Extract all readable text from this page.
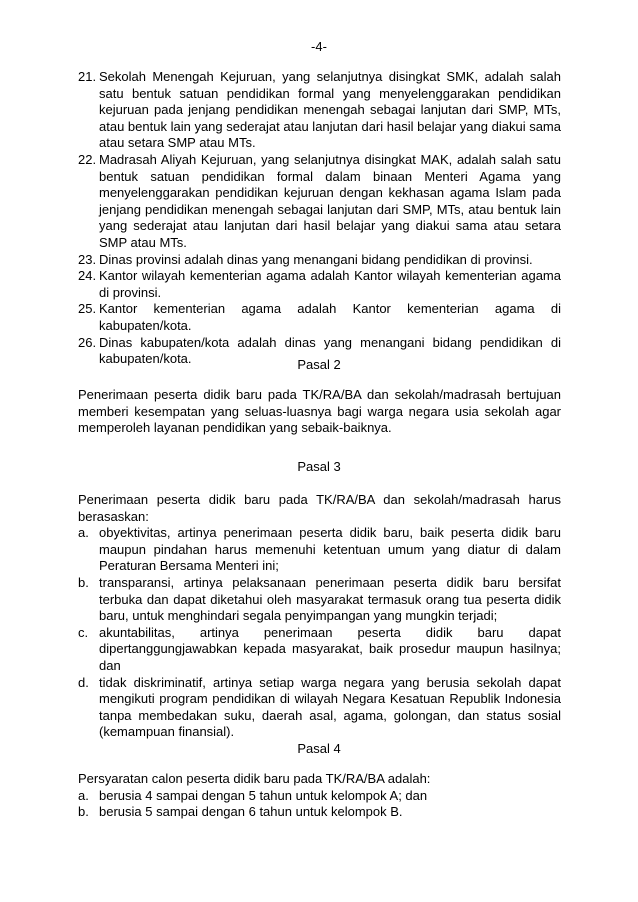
-4-
21. Sekolah Menengah Kejuruan, yang selanjutnya disingkat SMK, adalah salah satu bentuk satuan pendidikan formal yang menyelenggarakan pendidikan kejuruan pada jenjang pendidikan menengah sebagai lanjutan dari SMP, MTs, atau bentuk lain yang sederajat atau lanjutan dari hasil belajar yang diakui sama atau setara SMP atau MTs.
22. Madrasah Aliyah Kejuruan, yang selanjutnya disingkat MAK, adalah salah satu bentuk satuan pendidikan formal dalam binaan Menteri Agama yang menyelenggarakan pendidikan kejuruan dengan kekhasan agama Islam pada jenjang pendidikan menengah sebagai lanjutan dari SMP, MTs, atau bentuk lain yang sederajat atau lanjutan dari hasil belajar yang diakui sama atau setara SMP atau MTs.
23. Dinas provinsi adalah dinas yang menangani bidang pendidikan di provinsi.
24. Kantor wilayah kementerian agama adalah Kantor wilayah kementerian agama di provinsi.
25. Kantor kementerian agama adalah Kantor kementerian agama di
kabupaten/kota.
26. Dinas kabupaten/kota adalah dinas yang menangani bidang pendidikan di kabupaten/kota.	Pasal 2
Penerimaan peserta didik baru pada TK/RA/BA dan sekolah/madrasah bertujuan memberi kesempatan yang seluas-luasnya bagi warga negara usia sekolah agar memperoleh layanan pendidikan yang sebaik-baiknya.
Pasal 3
Penerimaan peserta didik baru pada TK/RA/BA dan sekolah/madrasah harus berasaskan:
a. obyektivitas, artinya penerimaan peserta didik baru, baik peserta didik baru maupun pindahan harus memenuhi ketentuan umum yang diatur di dalam Peraturan Bersama Menteri ini;
b. transparansi, artinya pelaksanaan penerimaan peserta didik baru bersifat terbuka dan dapat diketahui oleh masyarakat termasuk orang tua peserta didik baru, untuk menghindari segala penyimpangan yang mungkin terjadi;
c. akuntabilitas, artinya penerimaan peserta didik baru dapat dipertanggungjawabkan kepada masyarakat, baik prosedur maupun hasilnya; dan
d. tidak diskriminatif, artinya setiap warga negara yang berusia sekolah dapat mengikuti program pendidikan di wilayah Negara Kesatuan Republik Indonesia tanpa membedakan suku, daerah asal, agama, golongan, dan status sosial (kemampuan finansial).
Pasal 4
Persyaratan calon peserta didik baru pada TK/RA/BA adalah:
a. berusia 4 sampai dengan 5 tahun untuk kelompok A; dan
b. berusia 5 sampai dengan 6 tahun untuk kelompok B.
